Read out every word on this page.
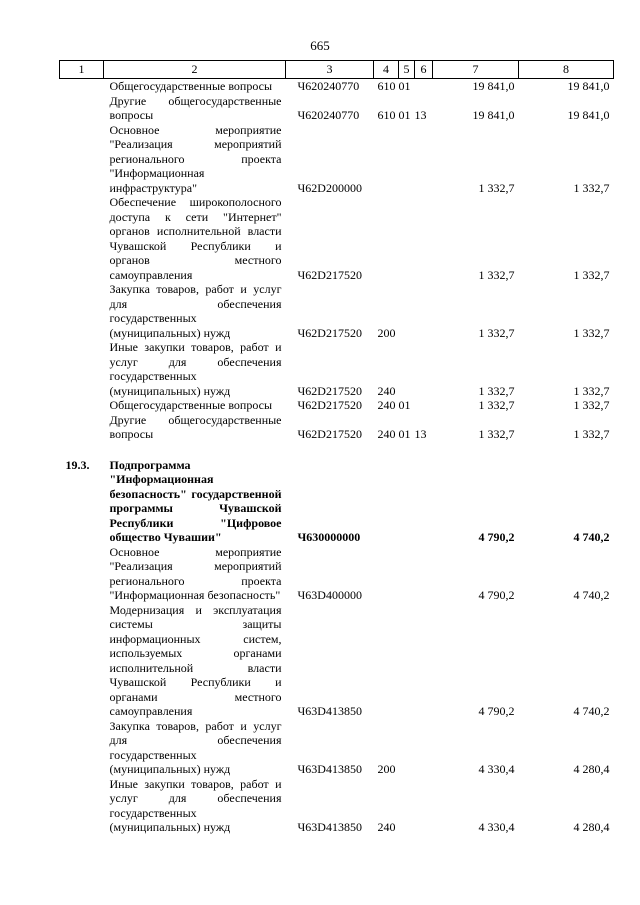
665
1	2	3	4	5	6	7	8
	Общегосударственные вопросы	Ч620240770	610	01		19 841,0	19 841,0
	Другие общегосударственные вопросы	Ч620240770	610	01	13	19 841,0	19 841,0
	Основное мероприятие "Реализация мероприятий регионального проекта "Информационная инфраструктура"	Ч62D200000				1 332,7	1 332,7
	Обеспечение широкополосного доступа к сети "Интернет" органов исполнительной власти Чувашской Республики и органов местного самоуправления	Ч62D217520				1 332,7	1 332,7
	Закупка товаров, работ и услуг для обеспечения государственных (муниципальных) нужд	Ч62D217520	200			1 332,7	1 332,7
	Иные закупки товаров, работ и услуг для обеспечения государственных (муниципальных) нужд	Ч62D217520	240			1 332,7	1 332,7
	Общегосударственные вопросы	Ч62D217520	240	01		1 332,7	1 332,7
	Другие общегосударственные вопросы	Ч62D217520	240	01	13	1 332,7	1 332,7

19.3.	Подпрограмма "Информационная безопасность" государственной программы Чувашской Республики "Цифровое общество Чувашии"	Ч630000000				4 790,2	4 740,2
	Основное мероприятие "Реализация мероприятий регионального проекта "Информационная безопасность"	Ч63D400000				4 790,2	4 740,2
	Модернизация и эксплуатация системы защиты информационных систем, используемых органами исполнительной власти Чувашской Республики и органами местного самоуправления	Ч63D413850				4 790,2	4 740,2
	Закупка товаров, работ и услуг для обеспечения государственных (муниципальных) нужд	Ч63D413850	200			4 330,4	4 280,4
	Иные закупки товаров, работ и услуг для обеспечения государственных (муниципальных) нужд	Ч63D413850	240			4 330,4	4 280,4
